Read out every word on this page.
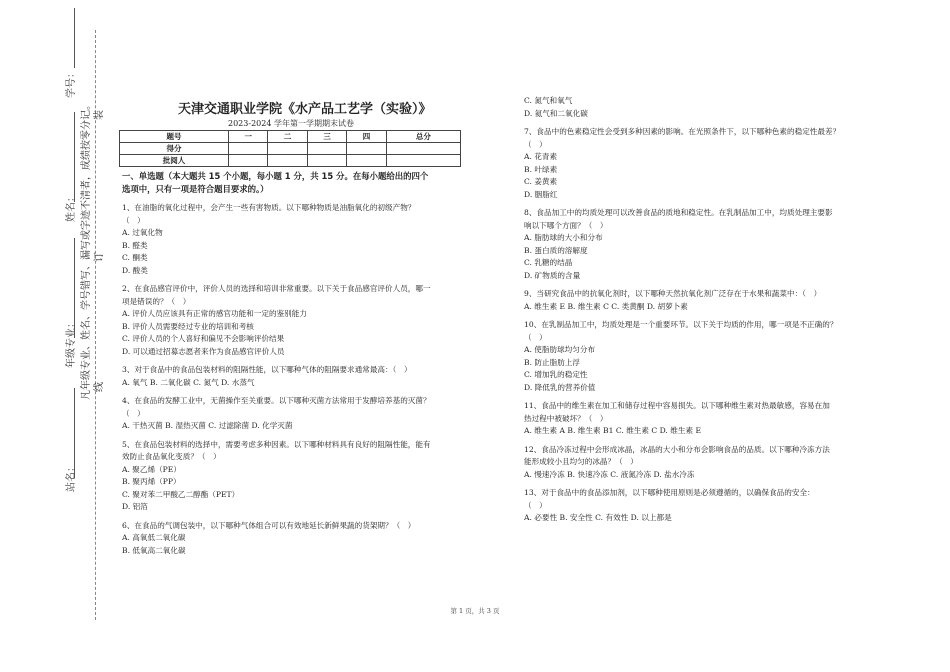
学号：
姓名：
年级专业：
站名：
凡年级专业、姓名、学号错写、漏写或字迹不清者，成绩按零分记。 装
订
线
天津交通职业学院《水产品工艺学（实验）》
2023-2024 学年第一学期期末试卷
题号	一	二	三	四	总分
得分					
批阅人					

一、单选题（本大题共 15 个小题，每小题 1 分，共 15 分。在每小题给出的四个

选项中，只有一项是符合题目要求的。）

1、在油脂的氧化过程中，会产生一些有害物质。以下哪种物质是油脂氧化的初级产物？

（　）

A. 过氧化物

B. 醛类

C. 酮类

D. 酸类

2、在食品感官评价中，评价人员的选择和培训非常重要。以下关于食品感官评价人员，哪一

项是错误的？（　）

A. 评价人员应该具有正常的感官功能和一定的鉴别能力

B. 评价人员需要经过专业的培训和考核

C. 评价人员的个人喜好和偏见不会影响评价结果

D. 可以通过招募志愿者来作为食品感官评价人员

3、对于食品中的食品包装材料的阻隔性能，以下哪种气体的阻隔要求通常最高：（　）

A. 氧气 B. 二氧化碳 C. 氮气 D. 水蒸气

4、在食品的发酵工业中，无菌操作至关重要。以下哪种灭菌方法常用于发酵培养基的灭菌？

（　）

A. 干热灭菌 B. 湿热灭菌 C. 过滤除菌 D. 化学灭菌

5、在食品包装材料的选择中，需要考虑多种因素。以下哪种材料具有良好的阻隔性能，能有

效防止食品氧化变质？（　）

A. 聚乙烯（PE）

B. 聚丙烯（PP）

C. 聚对苯二甲酸乙二醇酯（PET）

D. 铝箔

6、在食品的气调包装中，以下哪种气体组合可以有效地延长新鲜果蔬的货架期？（　）

A. 高氧低二氧化碳

B. 低氧高二氧化碳

C. 氮气和氧气

D. 氦气和二氧化碳

7、食品中的色素稳定性会受到多种因素的影响。在光照条件下，以下哪种色素的稳定性最差？

（　）

A. 花青素

B. 叶绿素

C. 姜黄素

D. 胭脂红

8、食品加工中的均质处理可以改善食品的质地和稳定性。在乳制品加工中，均质处理主要影

响以下哪个方面？（　）

A. 脂肪球的大小和分布

B. 蛋白质的溶解度

C. 乳糖的结晶

D. 矿物质的含量

9、当研究食品中的抗氧化剂时，以下哪种天然抗氧化剂广泛存在于水果和蔬菜中：（　）

A. 维生素 E B. 维生素 C C. 类黄酮 D. 胡萝卜素

10、在乳制品加工中，均质处理是一个重要环节。以下关于均质的作用，哪一项是不正确的？

（　）

A. 使脂肪球均匀分布

B. 防止脂肪上浮

C. 增加乳的稳定性

D. 降低乳的营养价值

11、食品中的维生素在加工和储存过程中容易损失。以下哪种维生素对热最敏感，容易在加

热过程中被破坏？（　）

A. 维生素 A B. 维生素 B1 C. 维生素 C D. 维生素 E

12、食品冷冻过程中会形成冰晶，冰晶的大小和分布会影响食品的品质。以下哪种冷冻方法

能形成较小且均匀的冰晶？（　）

A. 慢速冷冻 B. 快速冷冻 C. 液氮冷冻 D. 盐水冷冻

13、对于食品中的食品添加剂，以下哪种使用原则是必须遵循的，以确保食品的安全：

（　）

A. 必要性 B. 安全性 C. 有效性 D. 以上都是

第 1 页，共 3 页
